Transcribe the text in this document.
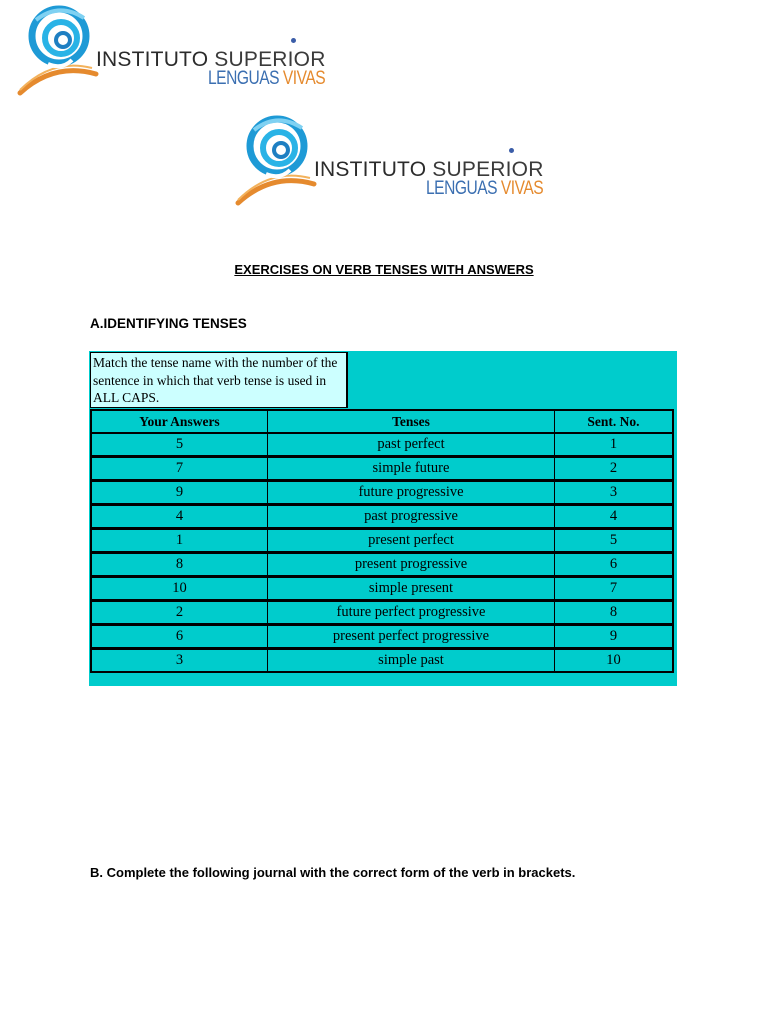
INSTITUTO SUPERIOR
LENGUAS VIVAS
INSTITUTO SUPERIOR
LENGUAS VIVAS
EXERCISES ON VERB TENSES WITH ANSWERS
A.IDENTIFYING TENSES
Match the tense name with the number of the sentence in which that verb tense is used in ALL CAPS.
Your Answers	Tenses	Sent. No.
5	past perfect	1
7	simple future	2
9	future progressive	3
4	past progressive	4
1	present perfect	5
8	present progressive	6
10	simple present	7
2	future perfect progressive	8
6	present perfect progressive	9
3	simple past	10
B. Complete the following journal with the correct form of the verb in brackets.
